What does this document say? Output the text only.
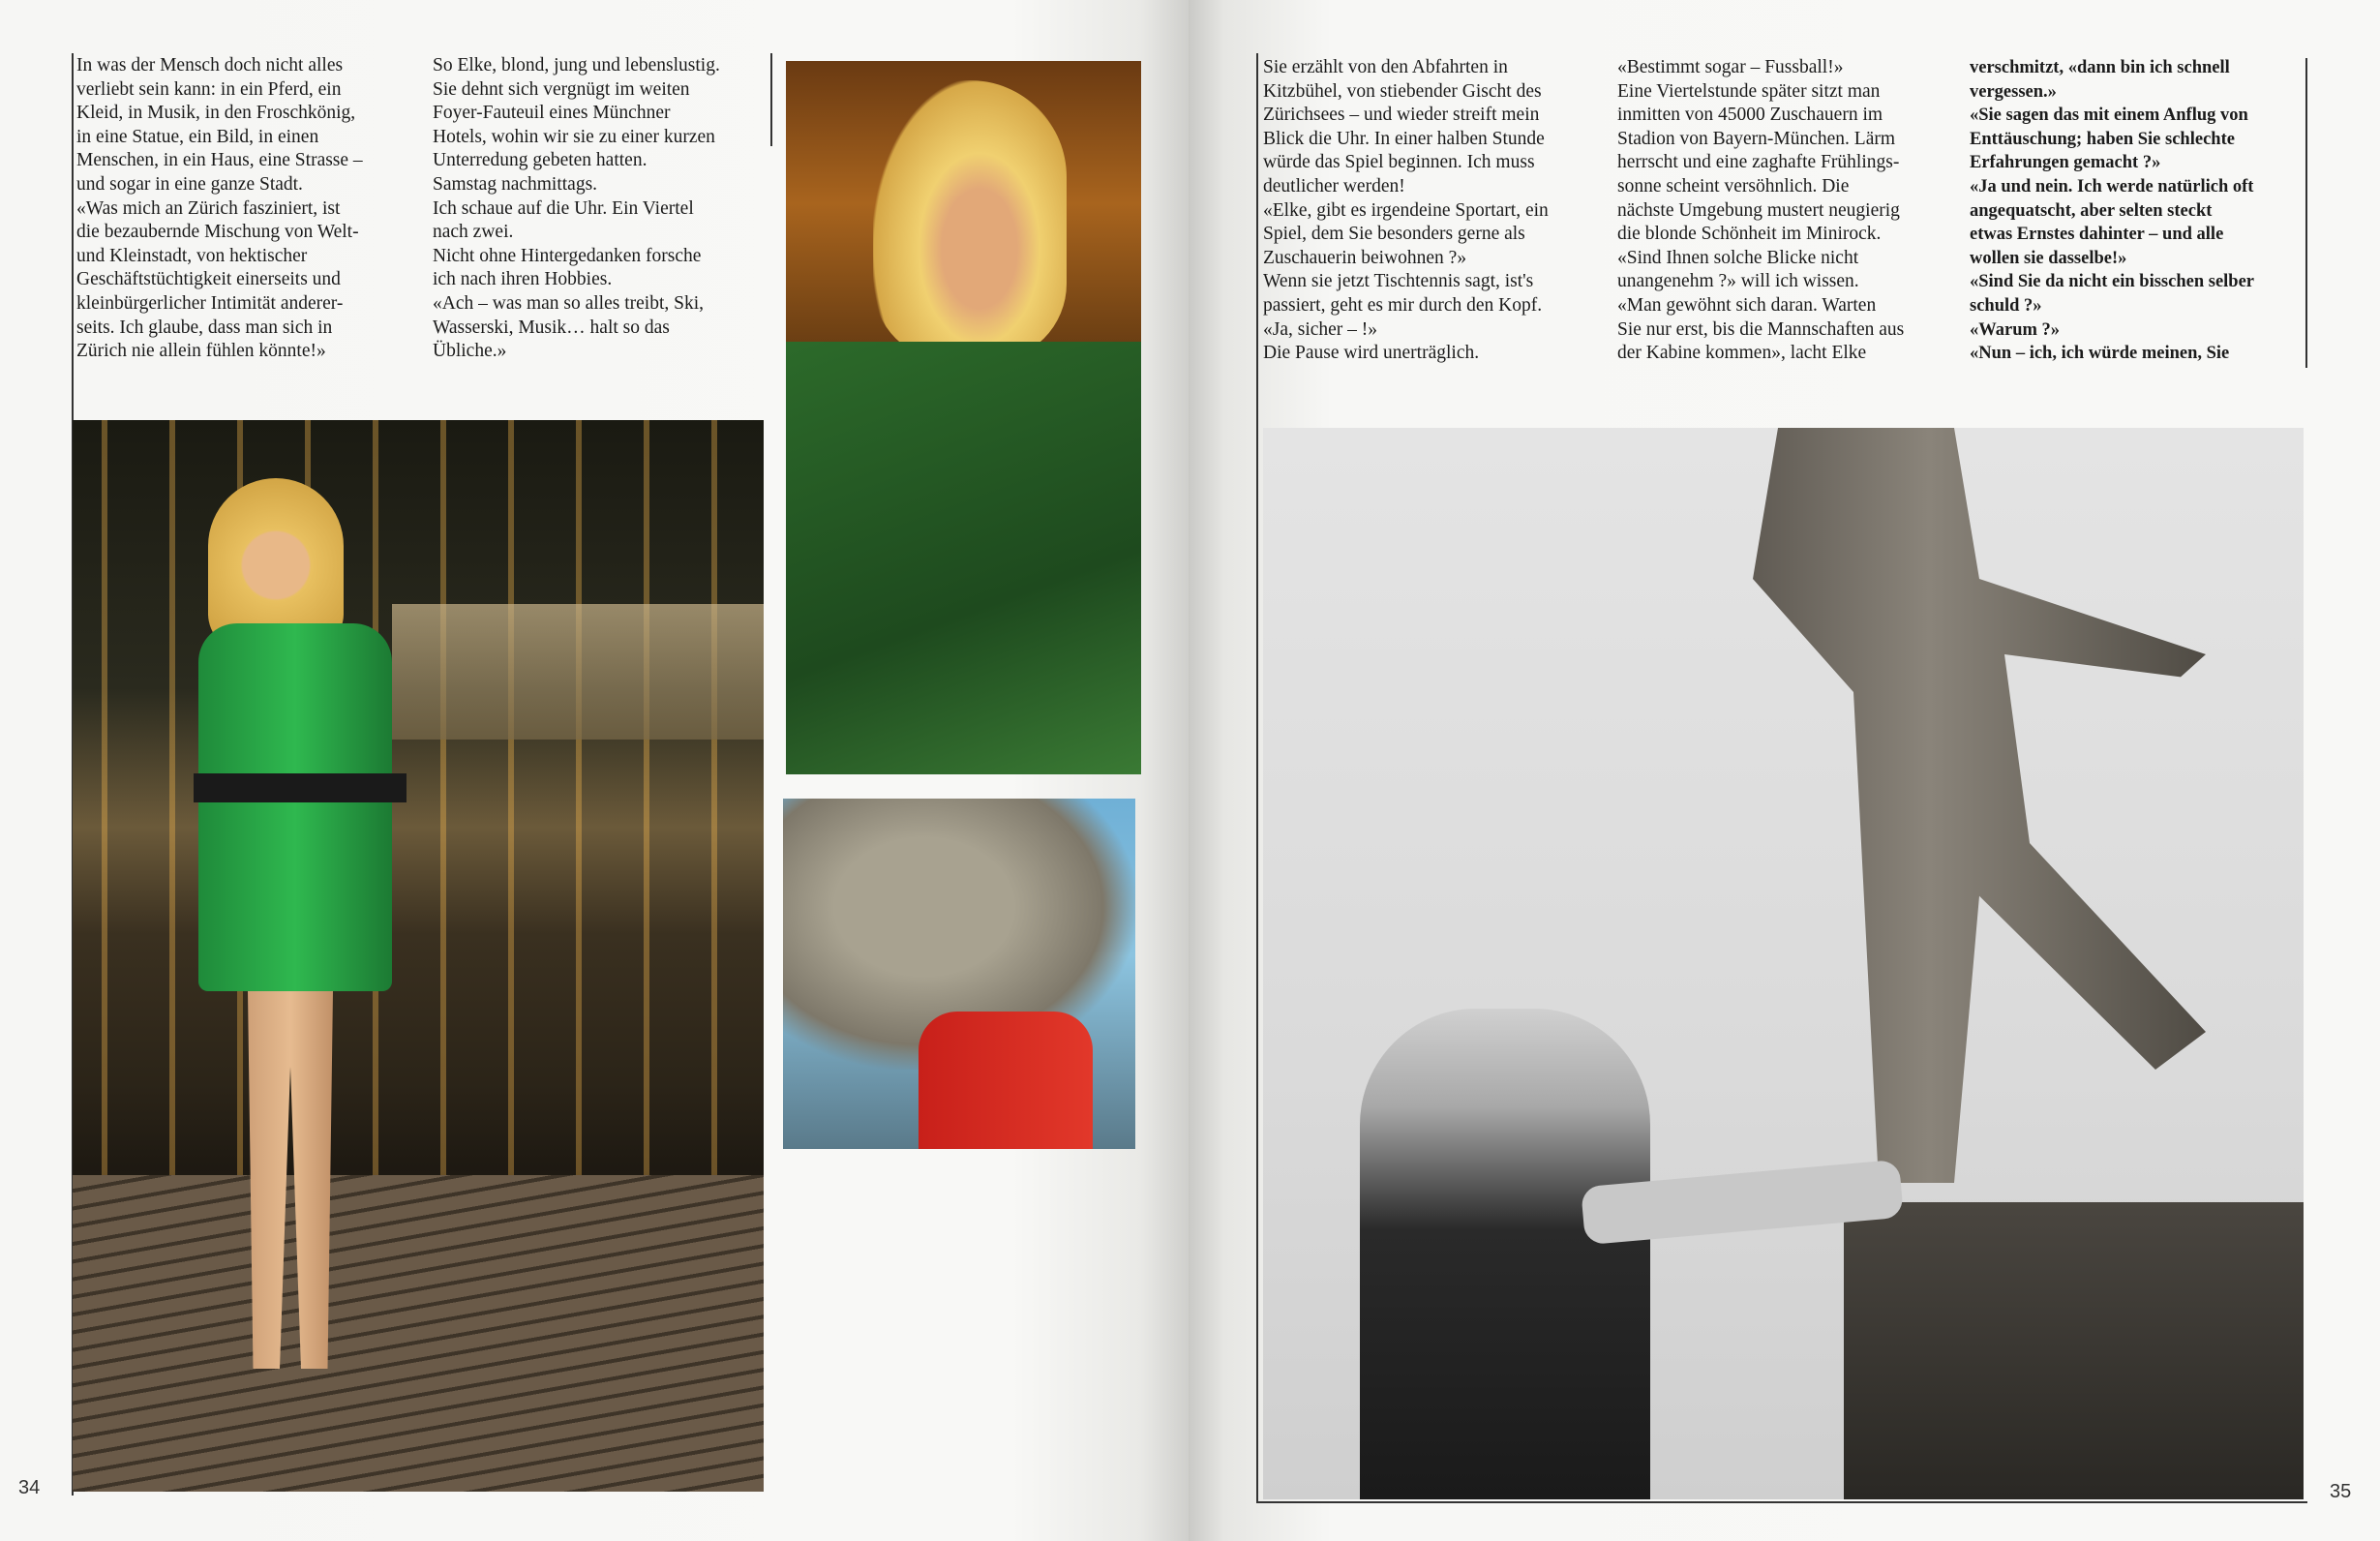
In was der Mensch doch nicht alles
verliebt sein kann: in ein Pferd, ein
Kleid, in Musik, in den Froschkönig,
in eine Statue, ein Bild, in einen
Menschen, in ein Haus, eine Strasse –
und sogar in eine ganze Stadt.
«Was mich an Zürich fasziniert, ist
die bezaubernde Mischung von Welt-
und Kleinstadt, von hektischer
Geschäftstüchtigkeit einerseits und
kleinbürgerlicher Intimität anderer-
seits. Ich glaube, dass man sich in
Zürich nie allein fühlen könnte!»
So Elke, blond, jung und lebenslustig.
Sie dehnt sich vergnügt im weiten
Foyer-Fauteuil eines Münchner
Hotels, wohin wir sie zu einer kurzen
Unterredung gebeten hatten.
Samstag nachmittags.
Ich schaue auf die Uhr. Ein Viertel
nach zwei.
Nicht ohne Hintergedanken forsche
ich nach ihren Hobbies.
«Ach – was man so alles treibt, Ski,
Wasserski, Musik… halt so das
Übliche.»
34
Sie erzählt von den Abfahrten in
Kitzbühel, von stiebender Gischt des
Zürichsees – und wieder streift mein
Blick die Uhr. In einer halben Stunde
würde das Spiel beginnen. Ich muss
deutlicher werden!
«Elke, gibt es irgendeine Sportart, ein
Spiel, dem Sie besonders gerne als
Zuschauerin beiwohnen ?»
Wenn sie jetzt Tischtennis sagt, ist's
passiert, geht es mir durch den Kopf.
«Ja, sicher – !»
Die Pause wird unerträglich.
«Bestimmt sogar – Fussball!»
Eine Viertelstunde später sitzt man
inmitten von 45000 Zuschauern im
Stadion von Bayern-München. Lärm
herrscht und eine zaghafte Frühlings-
sonne scheint versöhnlich. Die
nächste Umgebung mustert neugierig
die blonde Schönheit im Minirock.
«Sind Ihnen solche Blicke nicht
unangenehm ?» will ich wissen.
«Man gewöhnt sich daran. Warten
Sie nur erst, bis die Mannschaften aus
der Kabine kommen», lacht Elke
verschmitzt, «dann bin ich schnell
vergessen.»
«Sie sagen das mit einem Anflug von
Enttäuschung; haben Sie schlechte
Erfahrungen gemacht ?»
«Ja und nein. Ich werde natürlich oft
angequatscht, aber selten steckt
etwas Ernstes dahinter – und alle
wollen sie dasselbe!»
«Sind Sie da nicht ein bisschen selber
schuld ?»
«Warum ?»
«Nun – ich, ich würde meinen, Sie
35
